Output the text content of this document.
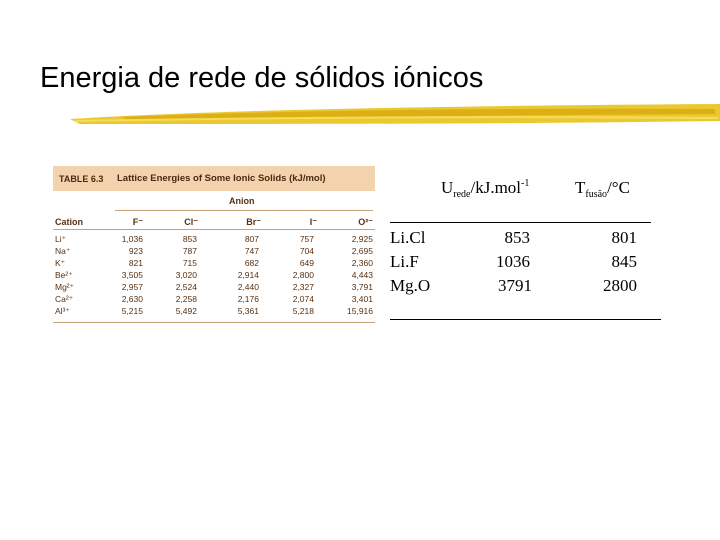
Energia de rede de sólidos iónicos
TABLE 6.3 Lattice Energies of Some Ionic Solids (kJ/mol)
Anion
Cation	F⁻	Cl⁻	Br⁻	I⁻	O²⁻
Li⁺	1,036	853	807	757	2,925
Na⁺	923	787	747	704	2,695
K⁺	821	715	682	649	2,360
Be²⁺	3,505	3,020	2,914	2,800	4,443
Mg²⁺	2,957	2,524	2,440	2,327	3,791
Ca²⁺	2,630	2,258	2,176	2,074	3,401
Al³⁺	5,215	5,492	5,361	5,218	15,916
$U_{rede}/kJ.mol^{-1}$	$T_{fusão}/^\circ C$
Li.Cl	853	801
Li.F	1036	845
Mg.O	3791	2800
